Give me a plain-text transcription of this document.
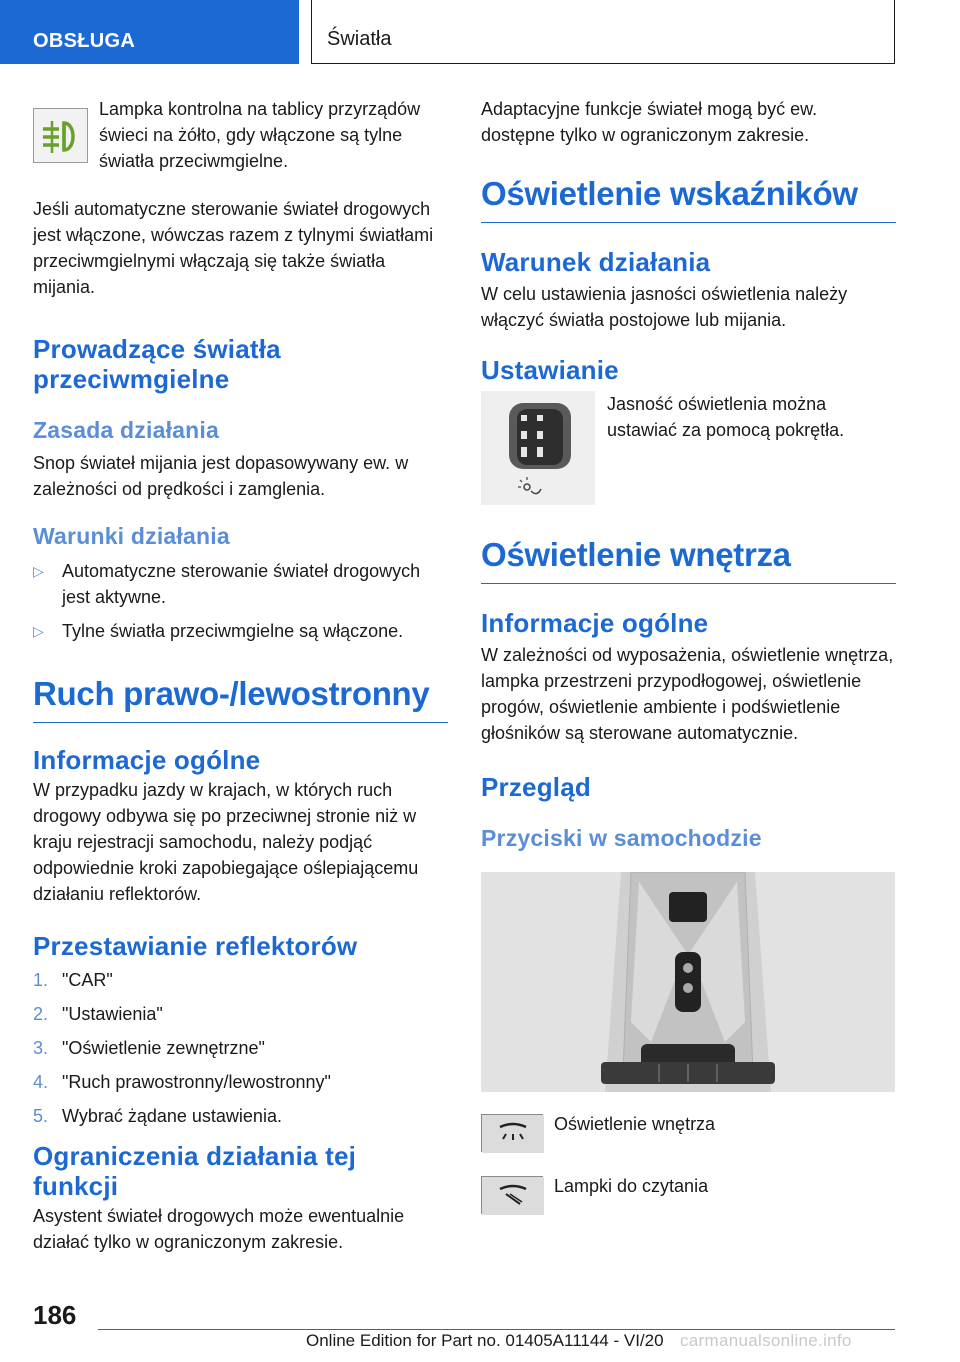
OBSŁUGA	Światła
Lampka kontrolna na tablicy przyrządów świeci na żółto, gdy włączone są tylne światła przeciwmgielne.

Jeśli automatyczne sterowanie świateł drogowych jest włączone, wówczas razem z tylnymi światłami przeciwmgielnymi włączają się także światła mijania.

Prowadzące światła przeciwmgielne
Zasada działania

Snop świateł mijania jest dopasowywany ew. w zależności od prędkości i zamglenia.

Warunki działania
▷ Automatyczne sterowanie świateł drogowych jest aktywne.
▷ Tylne światła przeciwmgielne są włączone.
Ruch prawo-/lewostronny
Informacje ogólne

W przypadku jazdy w krajach, w których ruch drogowy odbywa się po przeciwnej stronie niż w kraju rejestracji samochodu, należy podjąć odpowiednie kroki zapobiegające oślepiającemu działaniu reflektorów.

Przestawianie reflektorów
1. "CAR"
2. "Ustawienia"
3. "Oświetlenie zewnętrzne"
4. "Ruch prawostronny/lewostronny"
5. Wybrać żądane ustawienia.
Ograniczenia działania tej funkcji

Asystent świateł drogowych może ewentualnie działać tylko w ograniczonym zakresie.

Adaptacyjne funkcje świateł mogą być ew. dostępne tylko w ograniczonym zakresie.

Oświetlenie wskaźników
Warunek działania

W celu ustawienia jasności oświetlenia należy włączyć światła postojowe lub mijania.

Ustawianie
Jasność oświetlenia można ustawiać za pomocą pokrętła.
Oświetlenie wnętrza
Informacje ogólne

W zależności od wyposażenia, oświetlenie wnętrza, lampka przestrzeni przypodłogowej, oświetlenie progów, oświetlenie ambiente i podświetlenie głośników są sterowane automatycznie.

Przegląd
Przyciski w samochodzie
Oświetlenie wnętrza
Lampki do czytania
186
Online Edition for Part no. 01405A11144 - VI/20 carmanualsonline.info
